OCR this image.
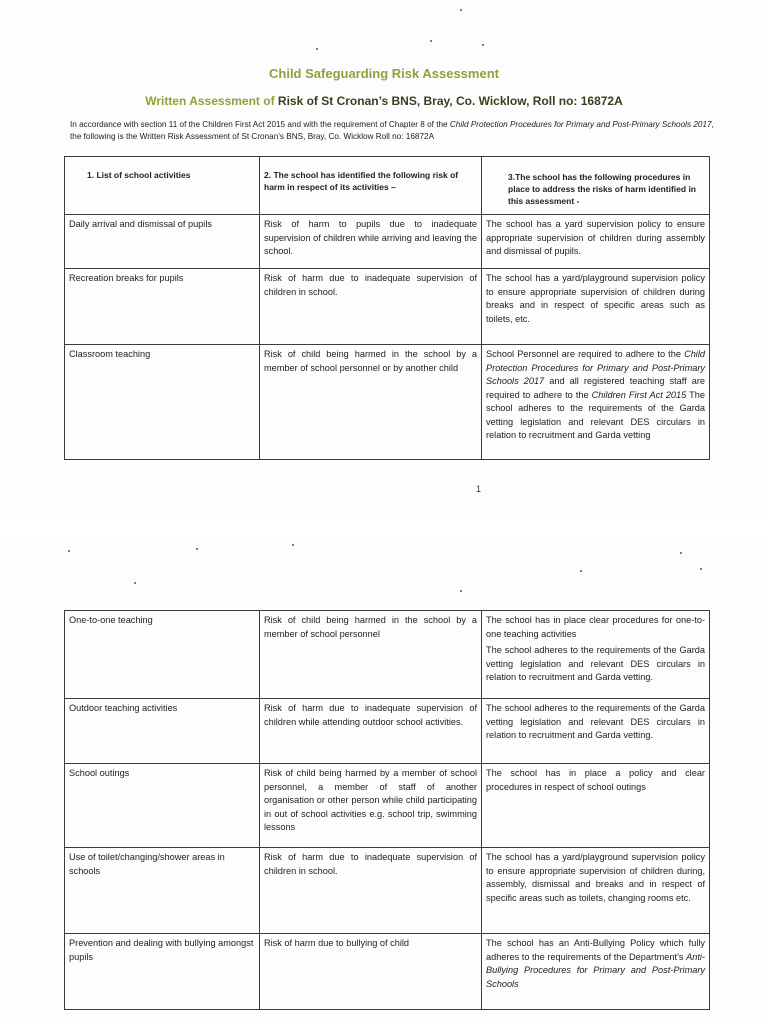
Child Safeguarding Risk Assessment
Written Assessment of Risk of St Cronan’s BNS, Bray, Co. Wicklow, Roll no: 16872A
In accordance with section 11 of the Children First Act 2015 and with the requirement of Chapter 8 of the Child Protection Procedures for Primary and Post-Primary Schools 2017, the following is the Written Risk Assessment of St Cronan’s BNS, Bray, Co. Wicklow Roll no: 16872A
1. List of school activities	2. The school has identified the following risk of harm in respect of its activities –	3.The school has the following procedures in place to address the risks of harm identified in this assessment -
Daily arrival and dismissal of pupils	Risk of harm to pupils due to inadequate supervision of children while arriving and leaving the school.	The school has a yard supervision policy to ensure appropriate supervision of children during assembly and dismissal of pupils.
Recreation breaks for pupils	Risk of harm due to inadequate supervision of children in school.	The school has a yard/playground supervision policy to ensure appropriate supervision of children during breaks and in respect of specific areas such as toilets, etc.
Classroom teaching	Risk of child being harmed in the school by a member of school personnel or by another child	School Personnel are required to adhere to the Child Protection Procedures for Primary and Post-Primary Schools 2017 and all registered teaching staff are required to adhere to the Children First Act 2015 The school adheres to the requirements of the Garda vetting legislation and relevant DES circulars in relation to recruitment and Garda vetting
1
One-to-one teaching	Risk of child being harmed in the school by a member of school personnel	The school has in place clear procedures for one-to-one teaching activities
The school adheres to the requirements of the Garda vetting legislation and relevant DES circulars in relation to recruitment and Garda vetting.

Outdoor teaching activities	Risk of harm due to inadequate supervision of children while attending outdoor school activities.	The school adheres to the requirements of the Garda vetting legislation and relevant DES circulars in relation to recruitment and Garda vetting.
School outings	Risk of child being harmed by a member of school personnel, a member of staff of another organisation or other person while child participating in out of school activities e.g. school trip, swimming lessons	The school has in place a policy and clear procedures in respect of school outings
Use of toilet/changing/shower areas in schools	Risk of harm due to inadequate supervision of children in school.	The school has a yard/playground supervision policy to ensure appropriate supervision of children during, assembly, dismissal and breaks and in respect of specific areas such as toilets, changing rooms etc.
Prevention and dealing with bullying amongst pupils	Risk of harm due to bullying of child	The school has an Anti-Bullying Policy which fully adheres to the requirements of the Department’s Anti-Bullying Procedures for Primary and Post-Primary Schools
